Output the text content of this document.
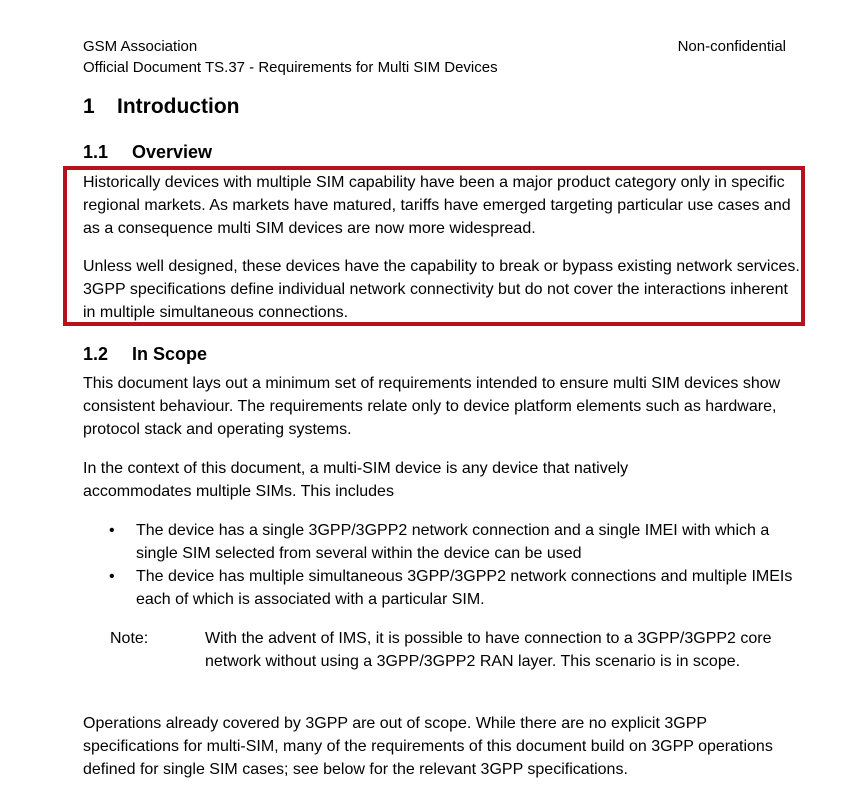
GSM Association
Official Document TS.37 - Requirements for Multi SIM Devices
Non-confidential
1 Introduction
1.1 Overview

Historically devices with multiple SIM capability have been a major product category only in specific regional markets. As markets have matured, tariffs have emerged targeting particular use cases and as a consequence multi SIM devices are now more widespread.

Unless well designed, these devices have the capability to break or bypass existing network services. 3GPP specifications define individual network connectivity but do not cover the interactions inherent in multiple simultaneous connections.

1.2 In Scope

This document lays out a minimum set of requirements intended to ensure multi SIM devices show consistent behaviour. The requirements relate only to device platform elements such as hardware, protocol stack and operating systems.

In the context of this document, a multi-SIM device is any device that natively accommodates multiple SIMs. This includes

• The device has a single 3GPP/3GPP2 network connection and a single IMEI with which a single SIM selected from several within the device can be used
• The device has multiple simultaneous 3GPP/3GPP2 network connections and multiple IMEIs each of which is associated with a particular SIM.
Note:	With the advent of IMS, it is possible to have connection to a 3GPP/3GPP2 core network without using a 3GPP/3GPP2 RAN layer. This scenario is in scope.

Operations already covered by 3GPP are out of scope. While there are no explicit 3GPP specifications for multi-SIM, many of the requirements of this document build on 3GPP operations defined for single SIM cases; see below for the relevant 3GPP specifications.
